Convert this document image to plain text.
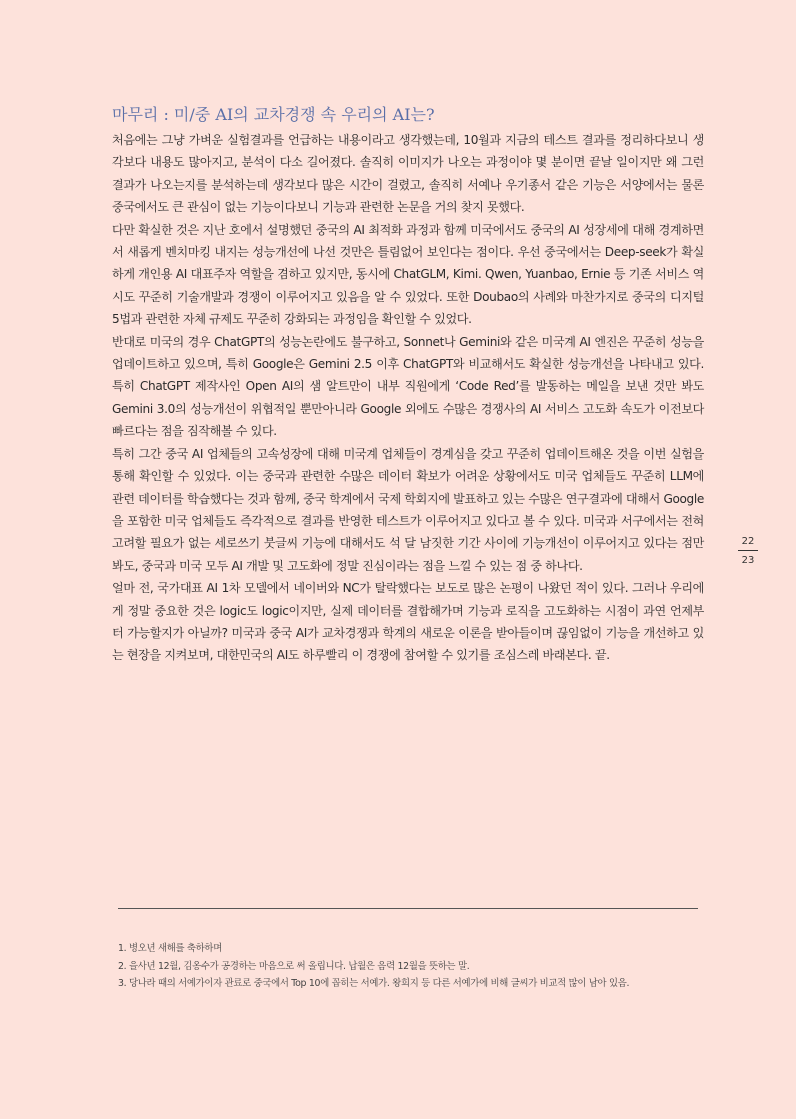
마무리 : 미/중 AI의 교차경쟁 속 우리의 AI는?

처음에는 그냥 가벼운 실험결과를 언급하는 내용이라고 생각했는데, 10월과 지금의 테스트 결과를 정리하다보니 생각보다 내용도 많아지고, 분석이 다소 길어졌다. 솔직히 이미지가 나오는 과정이야 몇 분이면 끝날 일이지만 왜 그런 결과가 나오는지를 분석하는데 생각보다 많은 시간이 걸렸고, 솔직히 서예나 우기종서 같은 기능은 서양에서는 물론 중국에서도 큰 관심이 없는 기능이다보니 기능과 관련한 논문을 거의 찾지 못했다.

다만 확실한 것은 지난 호에서 설명했던 중국의 AI 최적화 과정과 함께 미국에서도 중국의 AI 성장세에 대해 경계하면서 새롭게 벤치마킹 내지는 성능개선에 나선 것만은 틀림없어 보인다는 점이다. 우선 중국에서는 Deep-seek가 확실하게 개인용 AI 대표주자 역할을 겸하고 있지만, 동시에 ChatGLM, Kimi. Qwen, Yuanbao, Ernie 등 기존 서비스 역시도 꾸준히 기술개발과 경쟁이 이루어지고 있음을 알 수 있었다. 또한 Doubao의 사례와 마찬가지로 중국의 디지털 5법과 관련한 자체 규제도 꾸준히 강화되는 과정임을 확인할 수 있었다.

반대로 미국의 경우 ChatGPT의 성능논란에도 불구하고, Sonnet나 Gemini와 같은 미국계 AI 엔진은 꾸준히 성능을 업데이트하고 있으며, 특히 Google은 Gemini 2.5 이후 ChatGPT와 비교해서도 확실한 성능개선을 나타내고 있다. 특히 ChatGPT 제작사인 Open AI의 샘 알트만이 내부 직원에게 ‘Code Red’를 발동하는 메일을 보낸 것만 봐도 Gemini 3.0의 성능개선이 위협적일 뿐만아니라 Google 외에도 수많은 경쟁사의 AI 서비스 고도화 속도가 이전보다 빠르다는 점을 짐작해볼 수 있다.

특히 그간 중국 AI 업체들의 고속성장에 대해 미국계 업체들이 경계심을 갖고 꾸준히 업데이트해온 것을 이번 실험을 통해 확인할 수 있었다. 이는 중국과 관련한 수많은 데이터 확보가 어려운 상황에서도 미국 업체들도 꾸준히 LLM에 관련 데이터를 학습했다는 것과 함께, 중국 학계에서 국제 학회지에 발표하고 있는 수많은 연구결과에 대해서 Google을 포함한 미국 업체들도 즉각적으로 결과를 반영한 테스트가 이루어지고 있다고 볼 수 있다. 미국과 서구에서는 전혀 고려할 필요가 없는 세로쓰기 붓글씨 기능에 대해서도 석 달 남짓한 기간 사이에 기능개선이 이루어지고 있다는 점만 봐도, 중국과 미국 모두 AI 개발 및 고도화에 정말 진심이라는 점을 느낄 수 있는 점 중 하나다.

얼마 전, 국가대표 AI 1차 모델에서 네이버와 NC가 탈락했다는 보도로 많은 논평이 나왔던 적이 있다. 그러나 우리에게 정말 중요한 것은 logic도 logic이지만, 실제 데이터를 결합해가며 기능과 로직을 고도화하는 시점이 과연 언제부터 가능할지가 아닐까? 미국과 중국 AI가 교차경쟁과 학계의 새로운 이론을 받아들이며 끊임없이 기능을 개선하고 있는 현장을 지켜보며, 대한민국의 AI도 하루빨리 이 경쟁에 참여할 수 있기를 조심스레 바래본다. 끝.

22
23
1. 병오년 새해를 축하하며
2. 을사년 12월, 김옹수가 공경하는 마음으로 써 올립니다. 납월은 음력 12월을 뜻하는 말.
3. 당나라 때의 서예가이자 관료로 중국에서 Top 10에 꼽히는 서예가. 왕희지 등 다른 서예가에 비해 글씨가 비교적 많이 남아 있음.
